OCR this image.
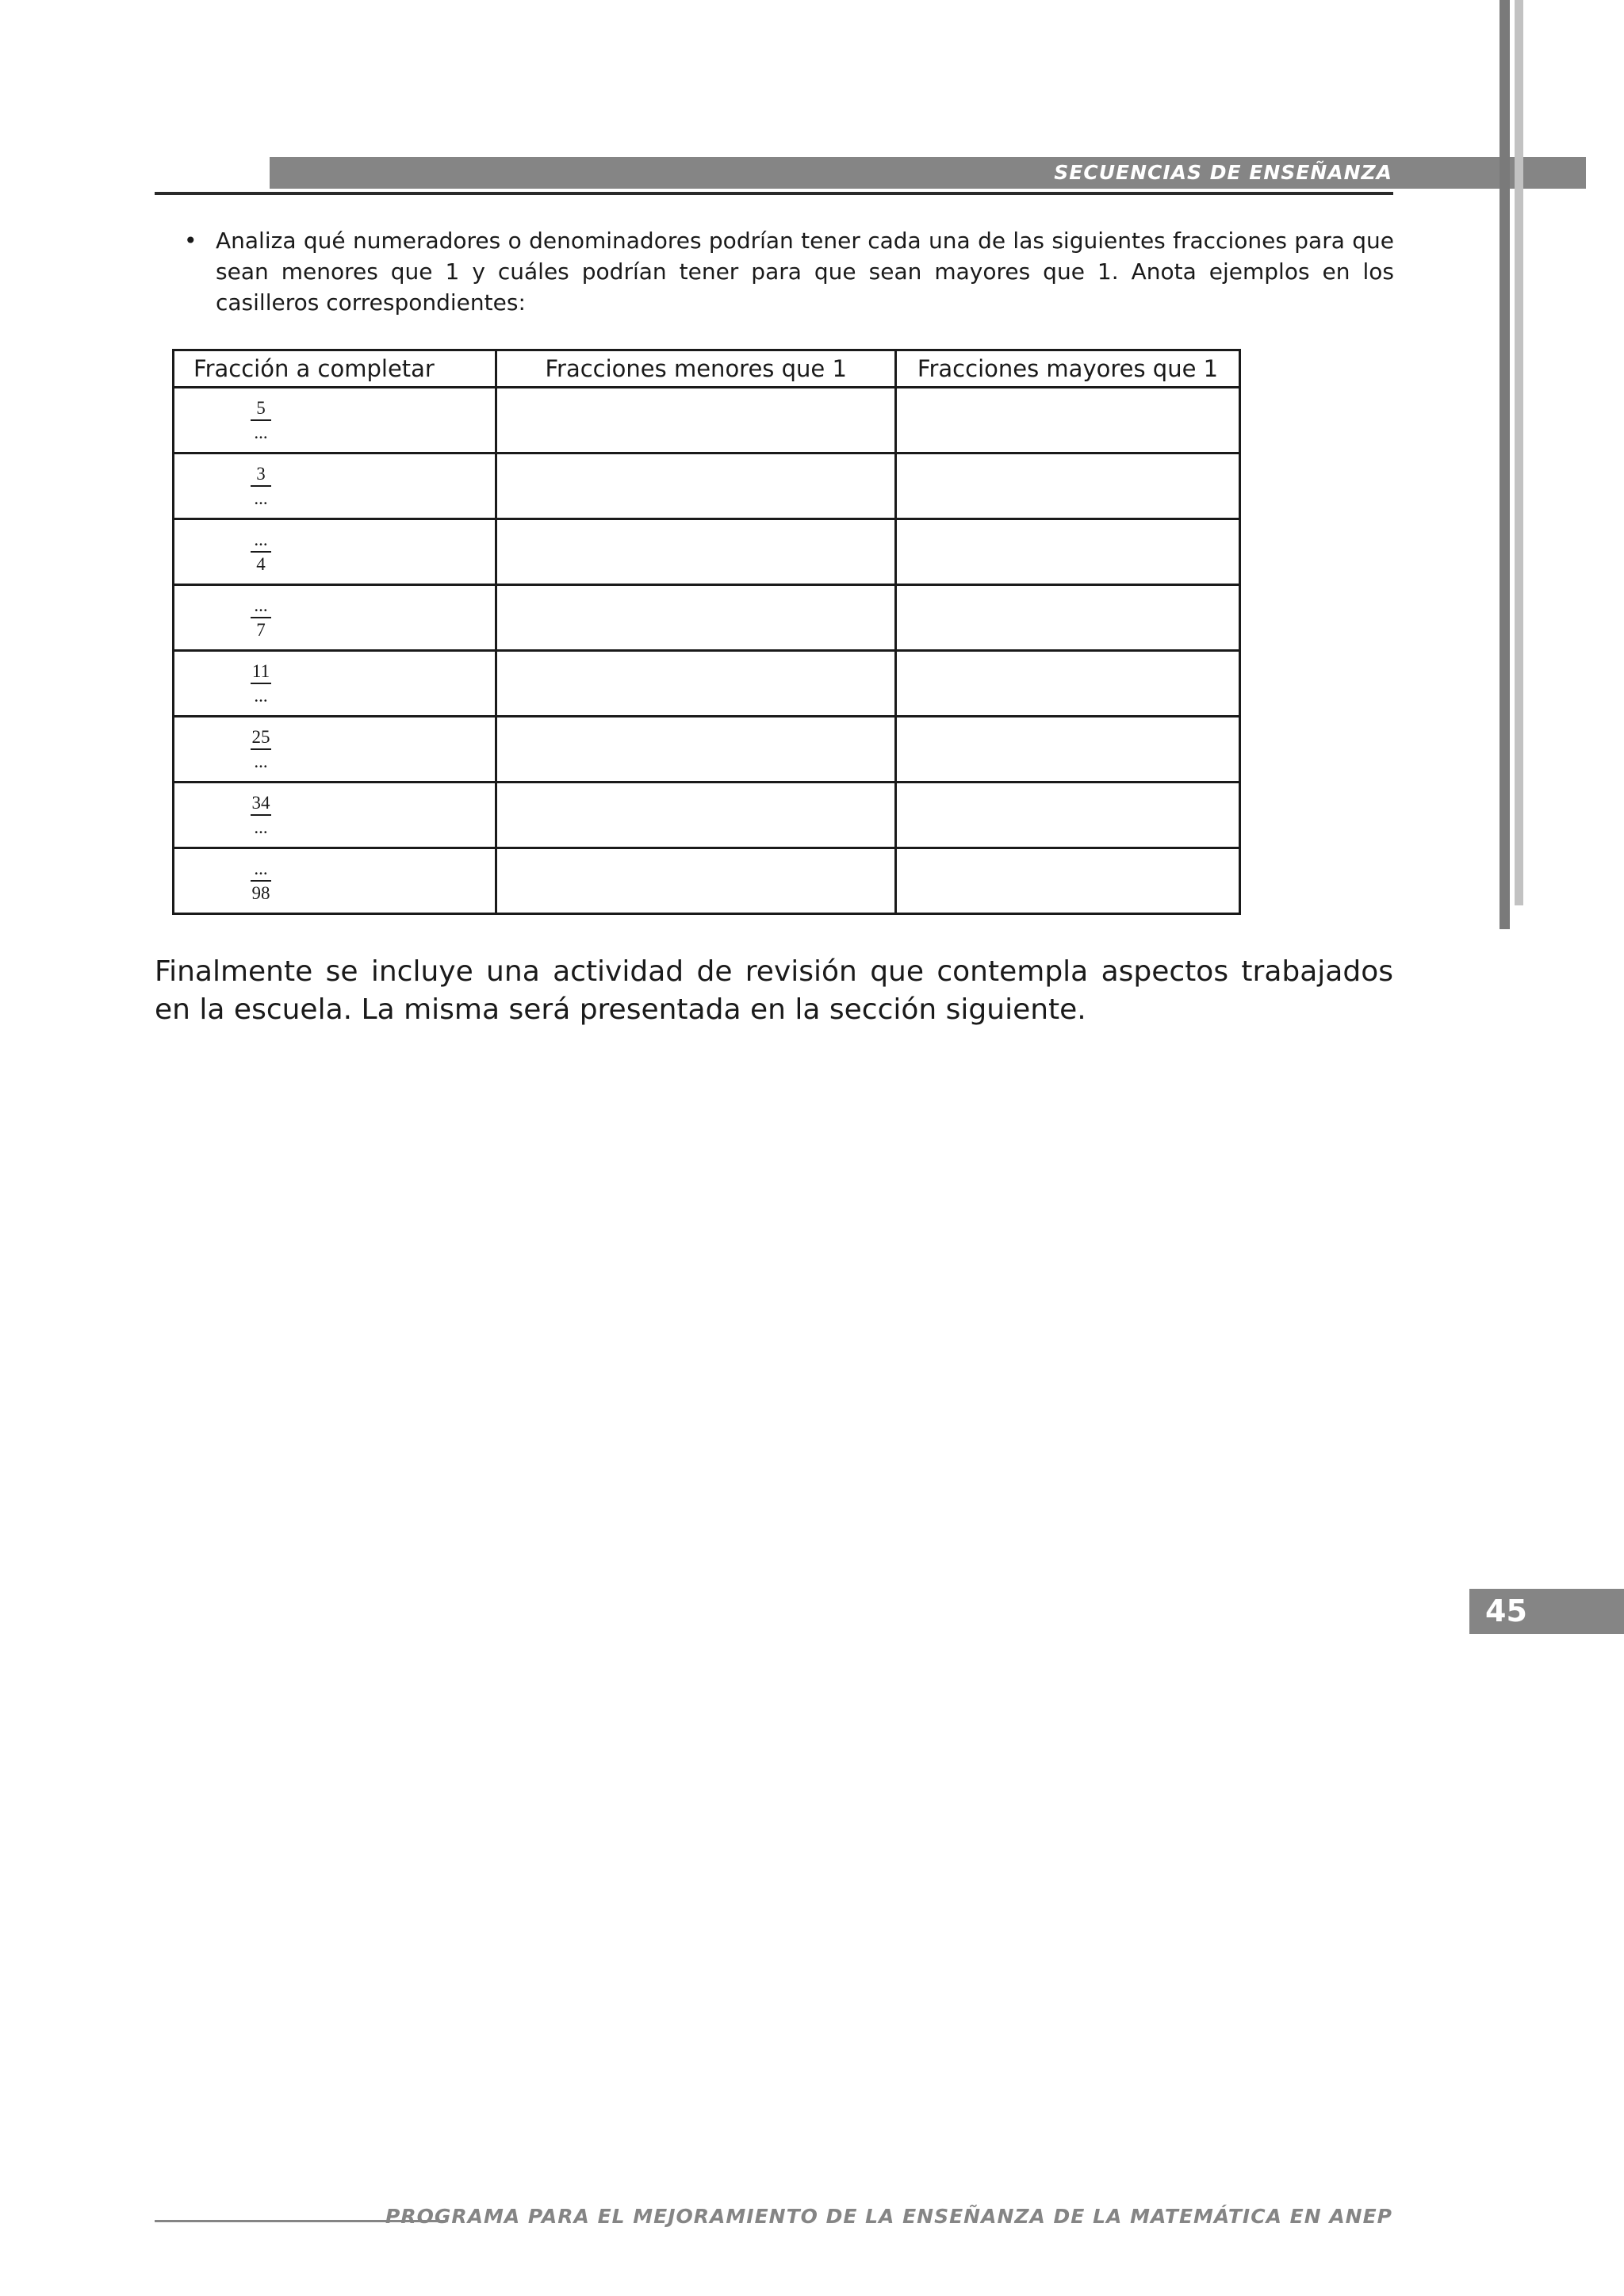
SECUENCIAS DE ENSEÑANZA
• Analiza qué numeradores o denominadores podrían tener cada una de las siguientes fracciones para que sean menores que 1 y cuáles podrían tener para que sean mayores que 1. Anota ejemplos en los casilleros correspondientes:
Fracción a completar	Fracciones menores que 1	Fracciones mayores que 1

$\frac{5}{...}$

$\frac{3}{...}$

$\frac{...}{4}$

$\frac{...}{7}$

$\frac{11}{...}$

$\frac{25}{...}$

$\frac{34}{...}$

$\frac{...}{98}$

Finalmente se incluye una actividad de revisión que contempla aspectos trabajados en la escuela. La misma será presentada en la sección siguiente.
45
PROGRAMA PARA EL MEJORAMIENTO DE LA ENSEÑANZA DE LA MATEMÁTICA EN ANEP
